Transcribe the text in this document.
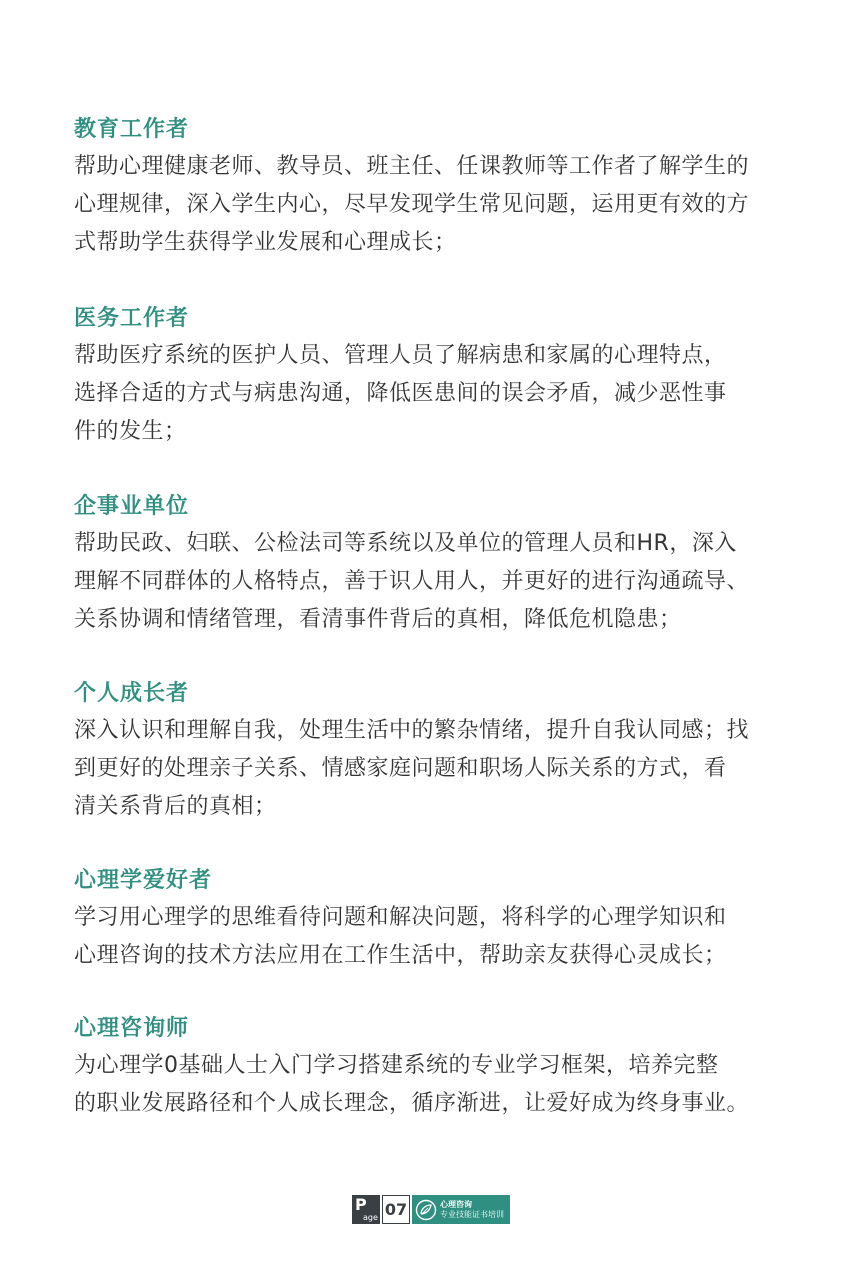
教育工作者
帮助心理健康老师、教导员、班主任、任课教师等工作者了解学生的
心理规律，深入学生内心，尽早发现学生常见问题，运用更有效的方
式帮助学生获得学业发展和心理成长；
医务工作者
帮助医疗系统的医护人员、管理人员了解病患和家属的心理特点，
选择合适的方式与病患沟通，降低医患间的误会矛盾，减少恶性事
件的发生；
企事业单位
帮助民政、妇联、公检法司等系统以及单位的管理人员和HR，深入
理解不同群体的人格特点，善于识人用人，并更好的进行沟通疏导、
关系协调和情绪管理，看清事件背后的真相，降低危机隐患；
个人成长者
深入认识和理解自我，处理生活中的繁杂情绪，提升自我认同感；找
到更好的处理亲子关系、情感家庭问题和职场人际关系的方式，看
清关系背后的真相；
心理学爱好者
学习用心理学的思维看待问题和解决问题，将科学的心理学知识和
心理咨询的技术方法应用在工作生活中，帮助亲友获得心灵成长；
心理咨询师
为心理学0基础人士入门学习搭建系统的专业学习框架，培养完整
的职业发展路径和个人成长理念，循序渐进，让爱好成为终身事业。
P
age 07	心理咨询
专业技能证书培训
